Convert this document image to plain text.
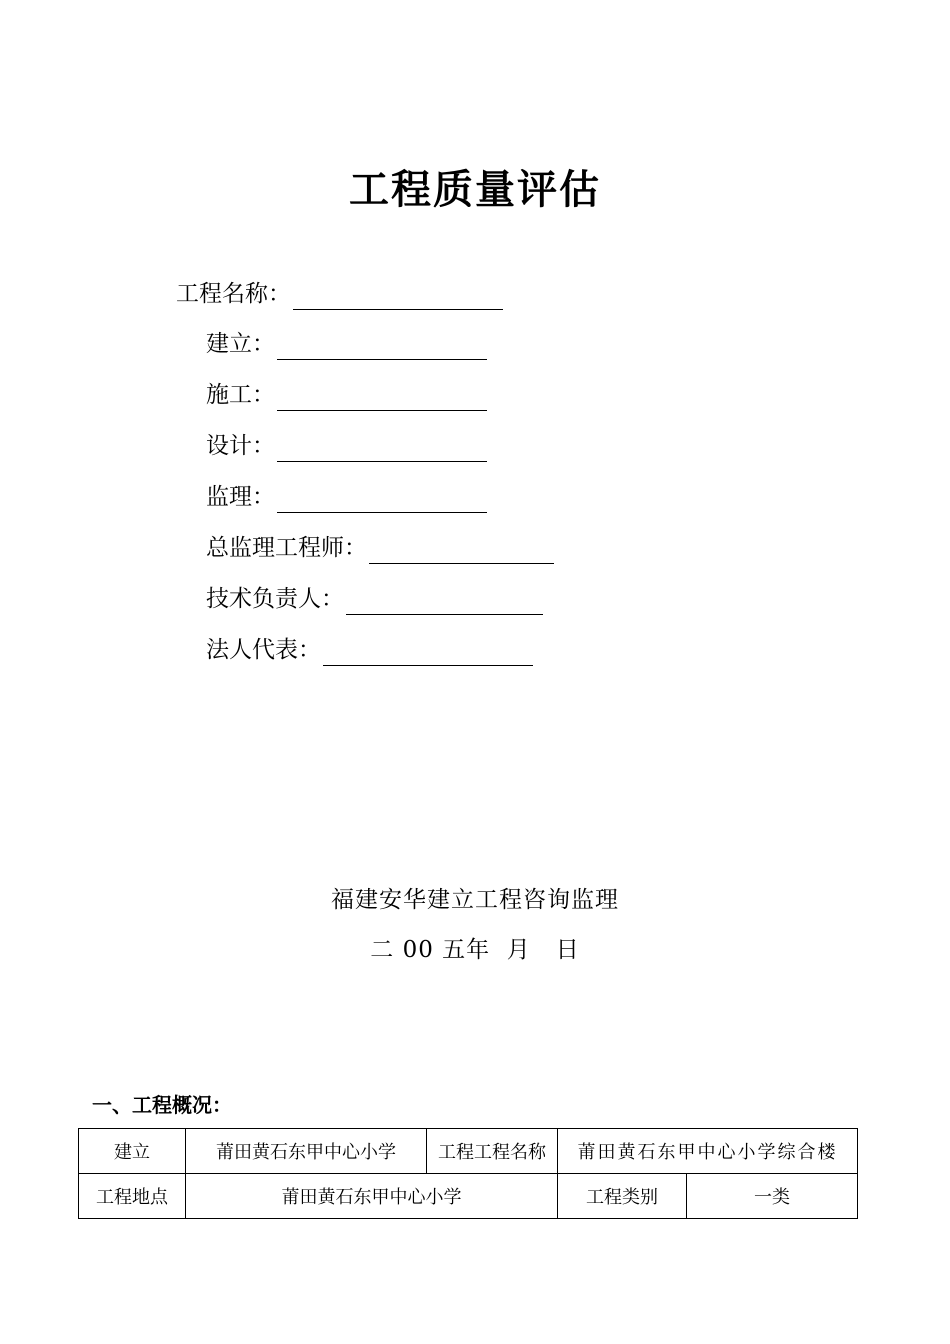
工程质量评估
工程名称：
建立：
施工：
设计：
监理：
总监理工程师：
技术负责人：
法人代表：
福建安华建立工程咨询监理
二 00 五年  月   日
一、工程概况：
建立	莆田黄石东甲中心小学	工程工程名称	莆田黄石东甲中心小学综合楼	
工程地点	莆田黄石东甲中心小学		工程类别	一类
